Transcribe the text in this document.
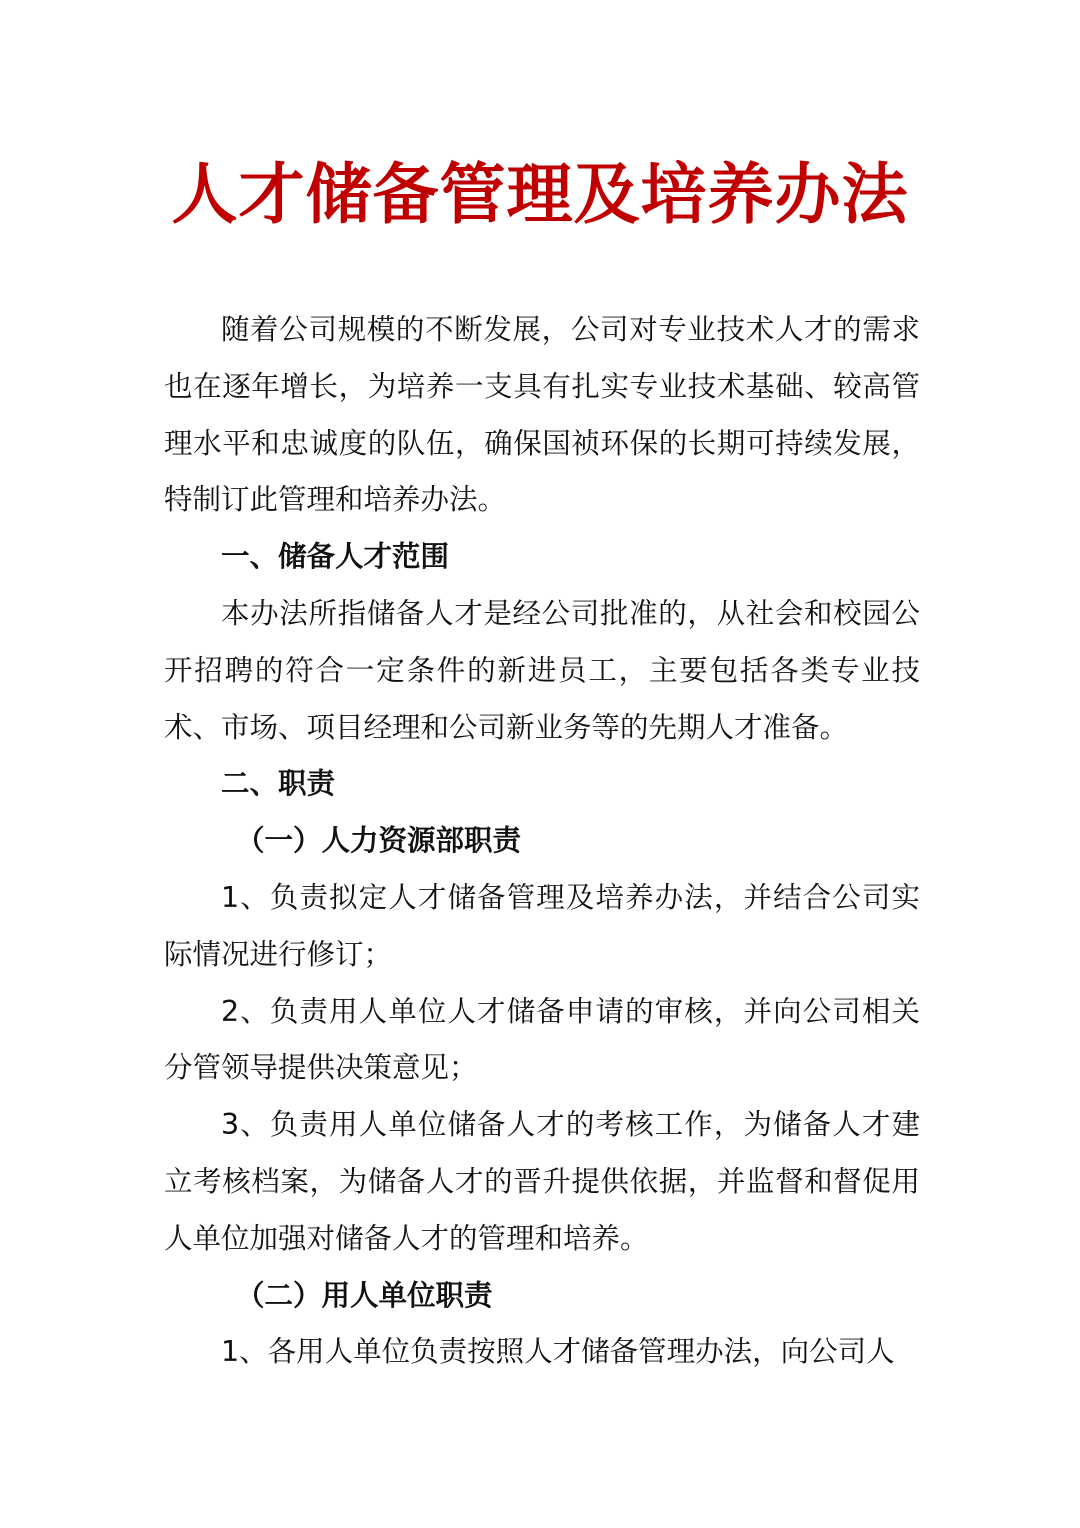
人才储备管理及培养办法

随着公司规模的不断发展，公司对专业技术人才的需求也在逐年增长，为培养一支具有扎实专业技术基础、较高管理水平和忠诚度的队伍，确保国祯环保的长期可持续发展，特制订此管理和培养办法。

一、储备人才范围

本办法所指储备人才是经公司批准的，从社会和校园公开招聘的符合一定条件的新进员工，主要包括各类专业技术、市场、项目经理和公司新业务等的先期人才准备。

二、职责

（一）人力资源部职责

1、负责拟定人才储备管理及培养办法，并结合公司实际情况进行修订；

2、负责用人单位人才储备申请的审核，并向公司相关分管领导提供决策意见；

3、负责用人单位储备人才的考核工作，为储备人才建立考核档案，为储备人才的晋升提供依据，并监督和督促用人单位加强对储备人才的管理和培养。

（二）用人单位职责

1、各用人单位负责按照人才储备管理办法，向公司人
